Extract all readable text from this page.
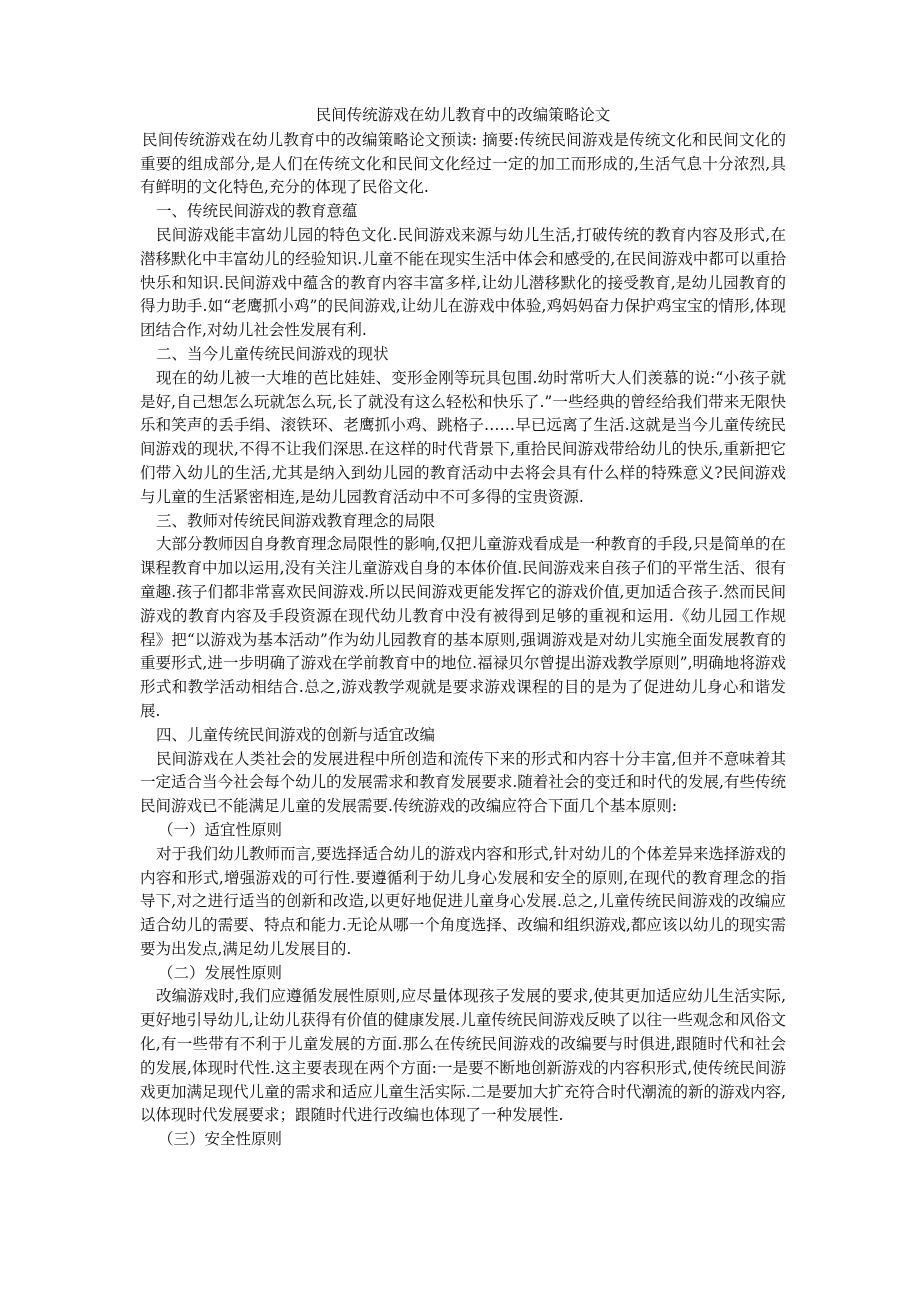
民间传统游戏在幼儿教育中的改编策略论文

民间传统游戏在幼儿教育中的改编策略论文预读: 摘要:传统民间游戏是传统文化和民间文化的重要的组成部分,是人们在传统文化和民间文化经过一定的加工而形成的,生活气息十分浓烈,具有鲜明的文化特色,充分的体现了民俗文化.

一、传统民间游戏的教育意蕴

民间游戏能丰富幼儿园的特色文化.民间游戏来源与幼儿生活,打破传统的教育内容及形式,在潜移默化中丰富幼儿的经验知识.儿童不能在现实生活中体会和感受的,在民间游戏中都可以重拾快乐和知识.民间游戏中蕴含的教育内容丰富多样,让幼儿潜移默化的接受教育,是幼儿园教育的得力助手.如“老鹰抓小鸡”的民间游戏,让幼儿在游戏中体验,鸡妈妈奋力保护鸡宝宝的情形,体现团结合作,对幼儿社会性发展有利.

二、当今儿童传统民间游戏的现状

现在的幼儿被一大堆的芭比娃娃、变形金刚等玩具包围.幼时常听大人们羡慕的说:“小孩子就是好,自己想怎么玩就怎么玩,长了就没有这么轻松和快乐了.”一些经典的曾经给我们带来无限快乐和笑声的丢手绢、滚铁环、老鹰抓小鸡、跳格子……早已远离了生活.这就是当今儿童传统民间游戏的现状,不得不让我们深思.在这样的时代背景下,重拾民间游戏带给幼儿的快乐,重新把它们带入幼儿的生活,尤其是纳入到幼儿园的教育活动中去将会具有什么样的特殊意义?民间游戏与儿童的生活紧密相连,是幼儿园教育活动中不可多得的宝贵资源.

三、教师对传统民间游戏教育理念的局限

大部分教师因自身教育理念局限性的影响,仅把儿童游戏看成是一种教育的手段,只是简单的在课程教育中加以运用,没有关注儿童游戏自身的本体价值.民间游戏来自孩子们的平常生活、很有童趣.孩子们都非常喜欢民间游戏.所以民间游戏更能发挥它的游戏价值,更加适合孩子.然而民间游戏的教育内容及手段资源在现代幼儿教育中没有被得到足够的重视和运用.《幼儿园工作规程》把“以游戏为基本活动”作为幼儿园教育的基本原则,强调游戏是对幼儿实施全面发展教育的重要形式,进一步明确了游戏在学前教育中的地位.福禄贝尔曾提出游戏教学原则”,明确地将游戏形式和教学活动相结合.总之,游戏教学观就是要求游戏课程的目的是为了促进幼儿身心和谐发展.

四、儿童传统民间游戏的创新与适宜改编

民间游戏在人类社会的发展进程中所创造和流传下来的形式和内容十分丰富,但并不意味着其一定适合当今社会每个幼儿的发展需求和教育发展要求.随着社会的变迁和时代的发展,有些传统民间游戏已不能满足儿童的发展需要.传统游戏的改编应符合下面几个基本原则:

（一）适宜性原则

对于我们幼儿教师而言,要选择适合幼儿的游戏内容和形式,针对幼儿的个体差异来选择游戏的内容和形式,增强游戏的可行性.要遵循利于幼儿身心发展和安全的原则,在现代的教育理念的指导下,对之进行适当的创新和改造,以更好地促进儿童身心发展.总之,儿童传统民间游戏的改编应适合幼儿的需要、特点和能力.无论从哪一个角度选择、改编和组织游戏,都应该以幼儿的现实需要为出发点,满足幼儿发展目的.

（二）发展性原则

改编游戏时,我们应遵循发展性原则,应尽量体现孩子发展的要求,使其更加适应幼儿生活实际,更好地引导幼儿,让幼儿获得有价值的健康发展.儿童传统民间游戏反映了以往一些观念和风俗文化,有一些带有不利于儿童发展的方面.那么在传统民间游戏的改编要与时俱进,跟随时代和社会的发展,体现时代性.这主要表现在两个方面:一是要不断地创新游戏的内容积形式,使传统民间游戏更加满足现代儿童的需求和适应儿童生活实际.二是要加大扩充符合时代潮流的新的游戏内容,以体现时代发展要求；跟随时代进行改编也体现了一种发展性.

（三）安全性原则
